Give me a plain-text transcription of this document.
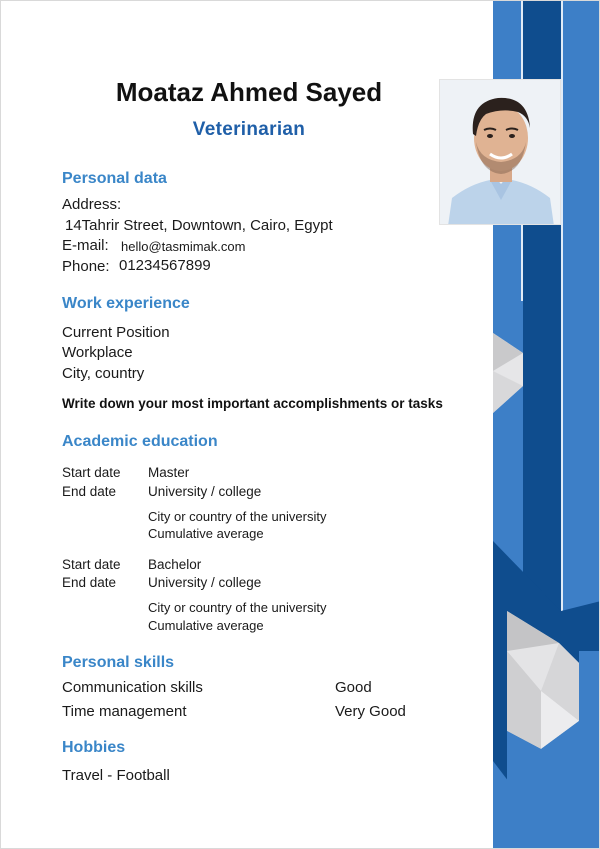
Moataz Ahmed Sayed
Veterinarian
Personal data
Address:
14Tahrir Street, Downtown, Cairo, Egypt
E-mail: hello@tasmimak.com
Phone: 01234567899
Work experience
Current Position
Workplace
City, country
Write down your most important accomplishments or tasks
Academic education
Start date
End date
Master
University / college
City or country of the university
Cumulative average
Start date
End date
Bachelor
University / college
City or country of the university
Cumulative average
Personal skills
Communication skills	Good
Time management	Very Good
Hobbies
Travel - Football
